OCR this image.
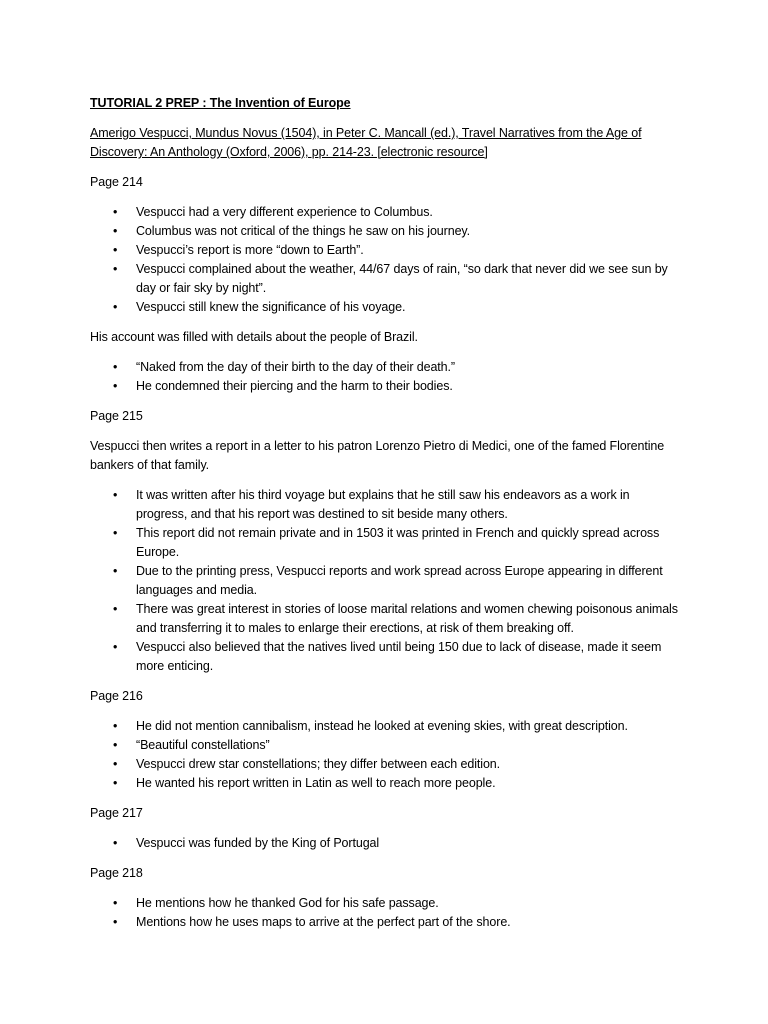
TUTORIAL 2 PREP : The Invention of Europe
Amerigo Vespucci, Mundus Novus (1504), in Peter C. Mancall (ed.), Travel Narratives from the Age of Discovery: An Anthology (Oxford, 2006), pp. 214-23. [electronic resource]
Page 214
•	Vespucci had a very different experience to Columbus.
•	Columbus was not critical of the things he saw on his journey.
•	Vespucci’s report is more “down to Earth”.
•	Vespucci complained about the weather, 44/67 days of rain, “so dark that never did we see sun by day or fair sky by night”.
•	Vespucci still knew the significance of his voyage.
His account was filled with details about the people of Brazil.
•	“Naked from the day of their birth to the day of their death.”
•	He condemned their piercing and the harm to their bodies.
Page 215
Vespucci then writes a report in a letter to his patron Lorenzo Pietro di Medici, one of the famed Florentine bankers of that family.
•	It was written after his third voyage but explains that he still saw his endeavors as a work in progress, and that his report was destined to sit beside many others.
•	This report did not remain private and in 1503 it was printed in French and quickly spread across Europe.
•	Due to the printing press, Vespucci reports and work spread across Europe appearing in different languages and media.
•	There was great interest in stories of loose marital relations and women chewing poisonous animals and transferring it to males to enlarge their erections, at risk of them breaking off.
•	Vespucci also believed that the natives lived until being 150 due to lack of disease, made it seem more enticing.
Page 216
•	He did not mention cannibalism, instead he looked at evening skies, with great description.
•	“Beautiful constellations”
•	Vespucci drew star constellations; they differ between each edition.
•	He wanted his report written in Latin as well to reach more people.
Page 217
•	Vespucci was funded by the King of Portugal
Page 218
•	He mentions how he thanked God for his safe passage.
•	Mentions how he uses maps to arrive at the perfect part of the shore.
